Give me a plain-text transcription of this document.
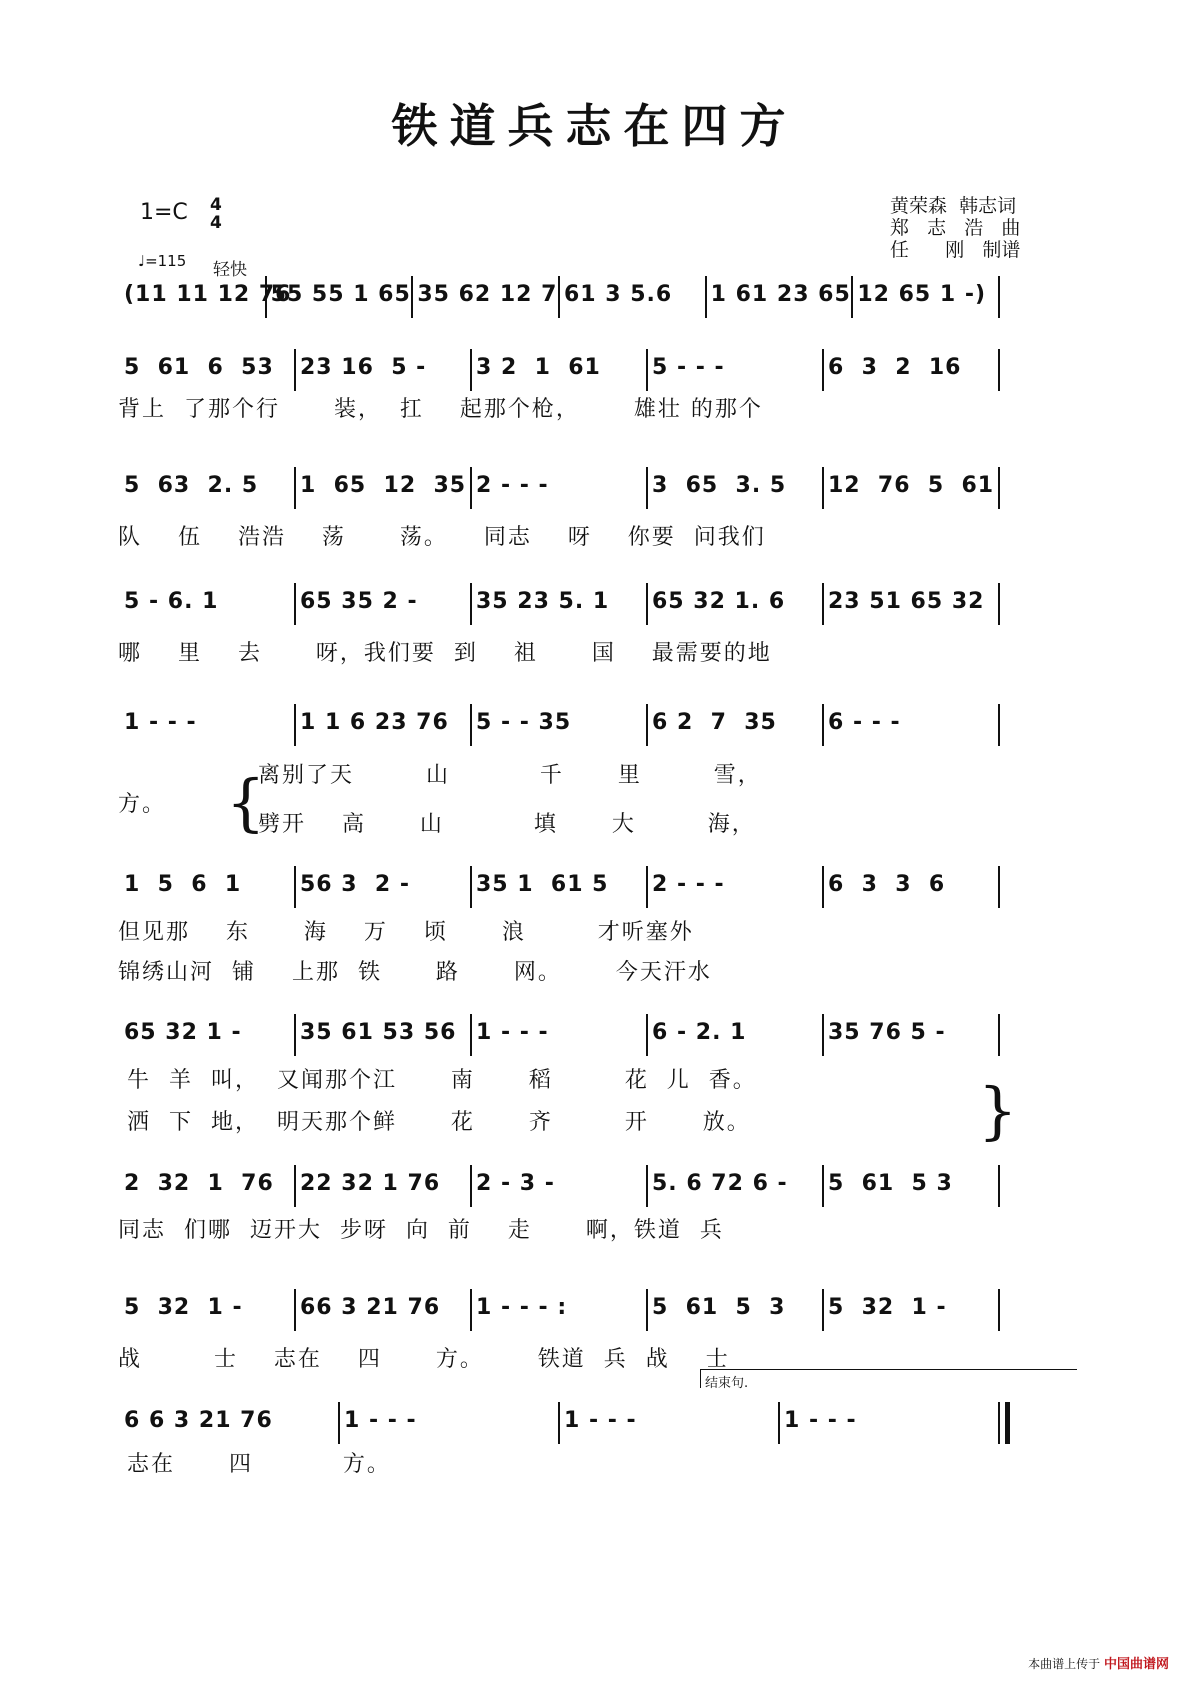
铁道兵志在四方
1=C 4
4
♩=115 轻快
黄荣森  韩志词
郑   志   浩   曲
任      刚   制谱
(11 11 12 76
55 55 1 65 35 62 12 7 61 3 5.6 1 61 23 65 12 65 1 -)
5  61  6  53 23 16  5 - 3 2  1  61 5 - - -	6  3  2  16
5  63  2. 5 1  65  12  35 2 - - -	3  65  3. 5 12  76  5  61
5 - 6. 1	65 35 2 -	35 23 5. 1 65 32 1. 6 23 51 65 32
1 - - -	1 1 6 23 76 5 - - 35	6 2  7  35 6 - - -
1  5  6  1	56 3  2 -	35 1  61 5 2 - - -	6  3  3  6
65 32 1 -	35 61 53 56 1 - - -	6 - 2. 1	35 76 5 -
2  32  1  76 22 32 1 76 2 - 3 -	5. 6 72 6 - 5  61  5 3
5  32  1 -	66 3 21 76 1 - - - :	5  61  5  3 5  32  1 -
6 6 3 21 76	1 - - -	1 - - -	1 - - -
背上  了那个行      装，  扛    起那个枪，      雄壮 的那个
队    伍    浩浩    荡      荡。    同志    呀    你要  问我们
哪    里    去      呀，我们要  到    祖      国    最需要的地
方。
离别了天        山          千      里        雪，
劈开    高      山          填      大        海，
但见那    东      海    万    顷      浪        才听塞外
锦绣山河  铺    上那  铁      路      网。      今天汗水
牛  羊  叫，  又闻那个江      南      稻        花  儿  香。
洒  下  地，  明天那个鲜      花      齐        开      放。
同志  们哪  迈开大  步呀  向  前    走      啊，铁道  兵
战        士    志在    四      方。      铁道  兵  战    士
志在      四          方。
{
}
结束句.
本曲谱上传于 中国曲谱网
